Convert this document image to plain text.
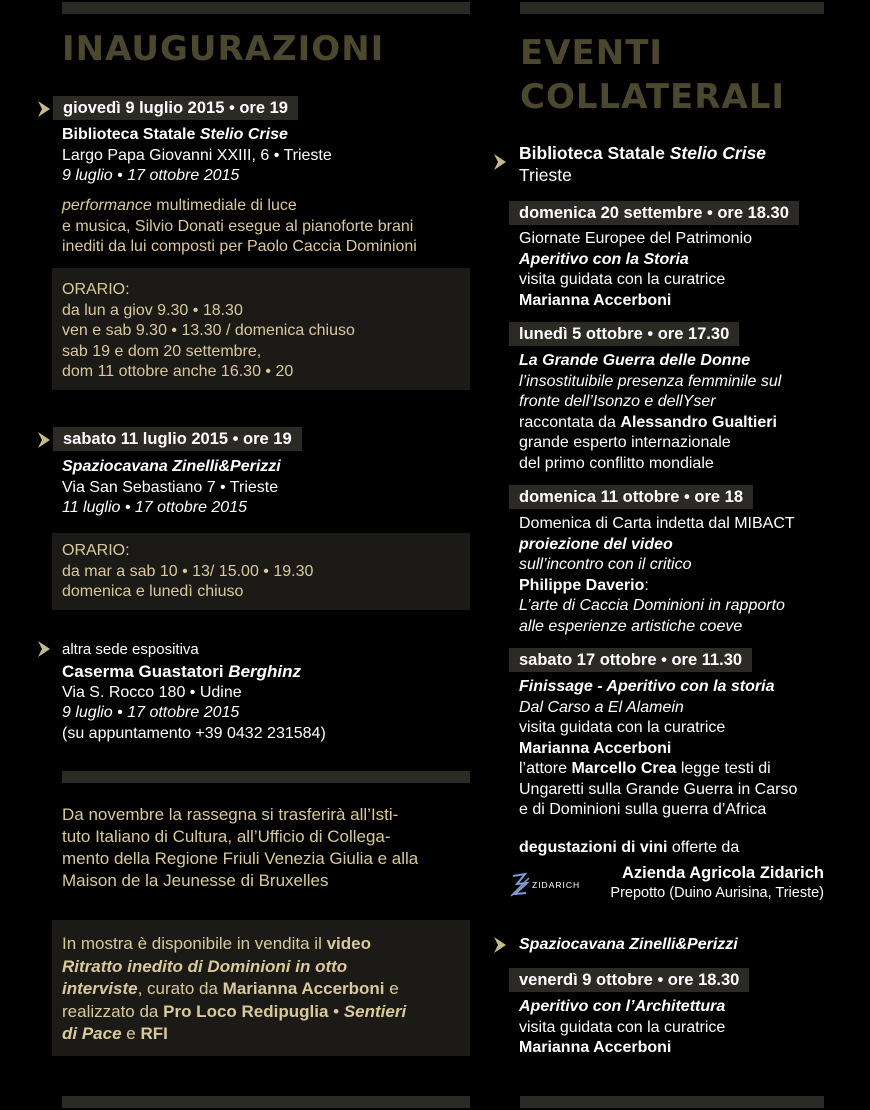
INAUGURAZIONI
giovedì 9 luglio 2015 • ore 19
Biblioteca Statale Stelio Crise
Largo Papa Giovanni XXIII, 6 • Trieste
9 luglio • 17 ottobre 2015
performance multimediale di luce
e musica, Silvio Donati esegue al pianoforte brani
inediti da lui composti per Paolo Caccia Dominioni
ORARIO:
da lun a giov 9.30 • 18.30
ven e sab 9.30 • 13.30 / domenica chiuso
sab 19 e dom 20 settembre,
dom 11 ottobre anche 16.30 • 20
sabato 11 luglio 2015 • ore 19
Spaziocavana Zinelli&Perizzi
Via San Sebastiano 7 • Trieste
11 luglio • 17 ottobre 2015
ORARIO:
da mar a sab 10 • 13/ 15.00 • 19.30
domenica e lunedì chiuso
altra sede espositiva
Caserma Guastatori Berghinz
Via S. Rocco 180 • Udine
9 luglio • 17 ottobre 2015
(su appuntamento +39 0432 231584)
Da novembre la rassegna si trasferirà all’Isti-
tuto Italiano di Cultura, all’Ufficio di Collega-
mento della Regione Friuli Venezia Giulia e alla
Maison de la Jeunesse di Bruxelles
In mostra è disponibile in vendita il video
Ritratto inedito di Dominioni in otto
interviste, curato da Marianna Accerboni e
realizzato da Pro Loco Redipuglia • Sentieri
di Pace e RFI
EVENTI
COLLATERALI
Biblioteca Statale Stelio Crise
Trieste
domenica 20 settembre • ore 18.30
Giornate Europee del Patrimonio
Aperitivo con la Storia
visita guidata con la curatrice
Marianna Accerboni
lunedì 5 ottobre • ore 17.30
La Grande Guerra delle Donne
l’insostituibile presenza femminile sul
fronte dell’Isonzo e dellYser
raccontata da Alessandro Gualtieri
grande esperto internazionale
del primo conflitto mondiale
domenica 11 ottobre • ore 18
Domenica di Carta indetta dal MIBACT
proiezione del video
sull’incontro con il critico
Philippe Daverio:
L’arte di Caccia Dominioni in rapporto
alle esperienze artistiche coeve
sabato 17 ottobre • ore 11.30
Finissage - Aperitivo con la storia
Dal Carso a El Alamein
visita guidata con la curatrice
Marianna Accerboni
l’attore Marcello Crea legge testi di
Ungaretti sulla Grande Guerra in Carso
e di Dominioni sulla guerra d’Africa
degustazioni di vini offerte da
ZIDARICH
Azienda Agricola Zidarich
Prepotto (Duino Aurisina, Trieste)
Spaziocavana Zinelli&Perizzi
venerdì 9 ottobre • ore 18.30
Aperitivo con l’Architettura
visita guidata con la curatrice
Marianna Accerboni
